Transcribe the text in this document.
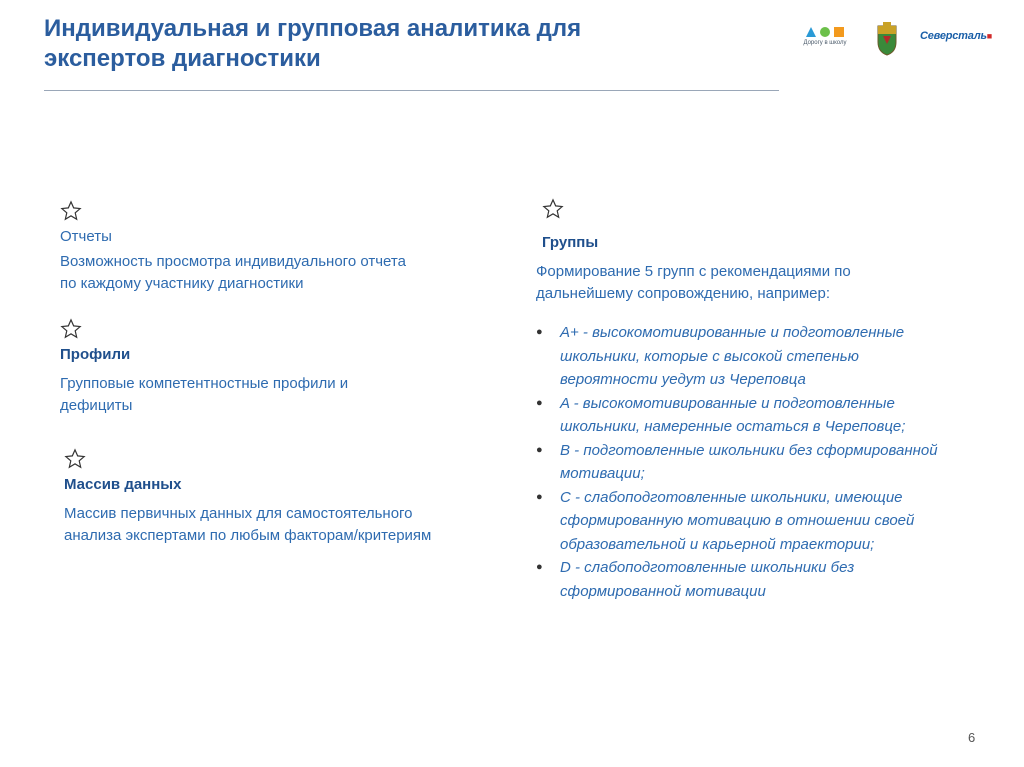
Индивидуальная и групповая аналитика для
экспертов диагностики
Дорогу в школу
Северсталь■
Отчеты
Возможность просмотра индивидуального отчета
по каждому участнику диагностики
Профили
Групповые компетентностные профили и
дефициты
Массив данных
Массив первичных данных для самостоятельного
анализа экспертами по любым факторам/критериям
Группы
Формирование 5 групп с рекомендациями по
дальнейшему сопровождению, например:
● A+ - высокомотивированные и подготовленные
школьники, которые с высокой степенью
вероятности уедут из Череповца
● A - высокомотивированные и подготовленные
школьники, намеренные остаться в Череповце;
● B - подготовленные школьники без сформированной
мотивации;
● C - слабоподготовленные школьники, имеющие
сформированную мотивацию в отношении своей
образовательной и карьерной траектории;
● D - слабоподготовленные школьники без
сформированной мотивации
6
